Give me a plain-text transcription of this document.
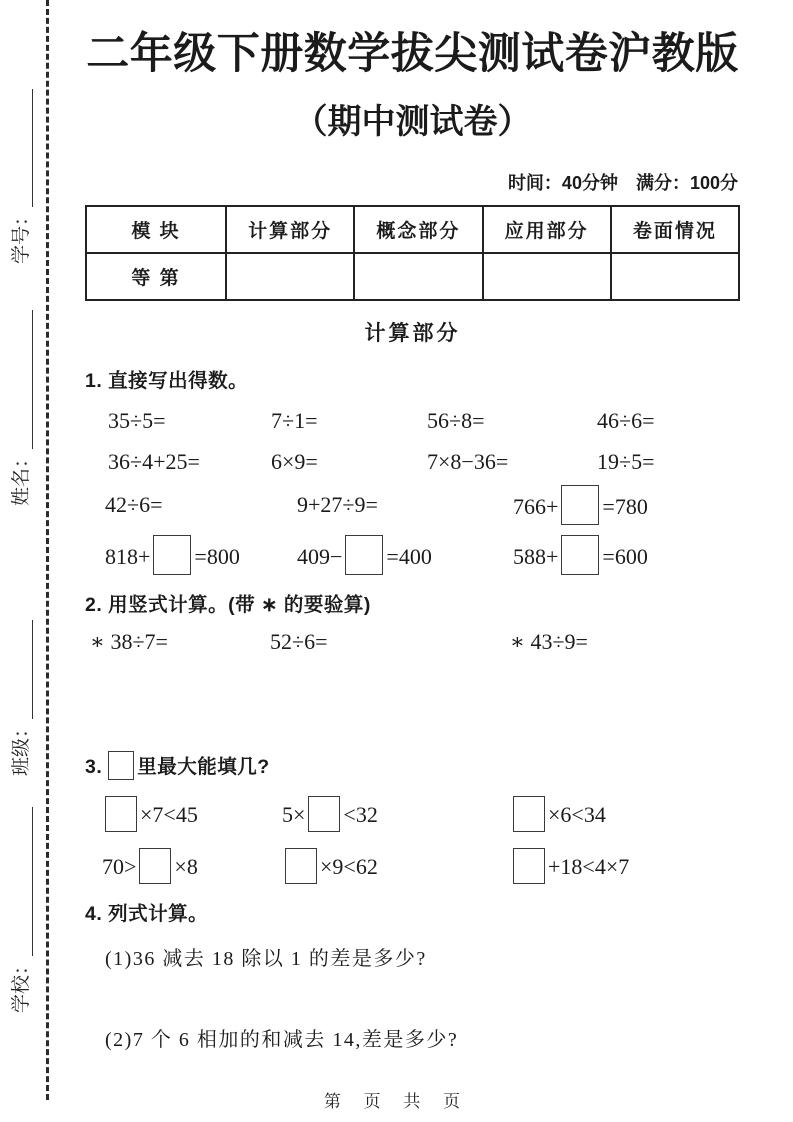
学号：
姓名：
班级：
学校：
二年级下册数学拔尖测试卷沪教版
（期中测试卷）
时间：40分钟　满分：100分
模 块	计算部分	概念部分	应用部分	卷面情况
等 第				
计算部分
1. 直接写出得数。
35÷5=	7÷1=	56÷8=	46÷6=
36÷4+25=	6×9=	7×8−36=	19÷5=
42÷6=	9+27÷9=	766+ =780
818+ =800	409− =400	588+ =600
2. 用竖式计算。(带 ∗ 的要验算)
∗ 38÷7=	52÷6=	∗ 43÷9=
3. 里最大能填几?
×7<45	5× <32	×6<34
70> ×8	×9<62	+18<4×7
4. 列式计算。
(1)36 减去 18 除以 1 的差是多少?
(2)7 个 6 相加的和减去 14,差是多少?
第 页 共 页
